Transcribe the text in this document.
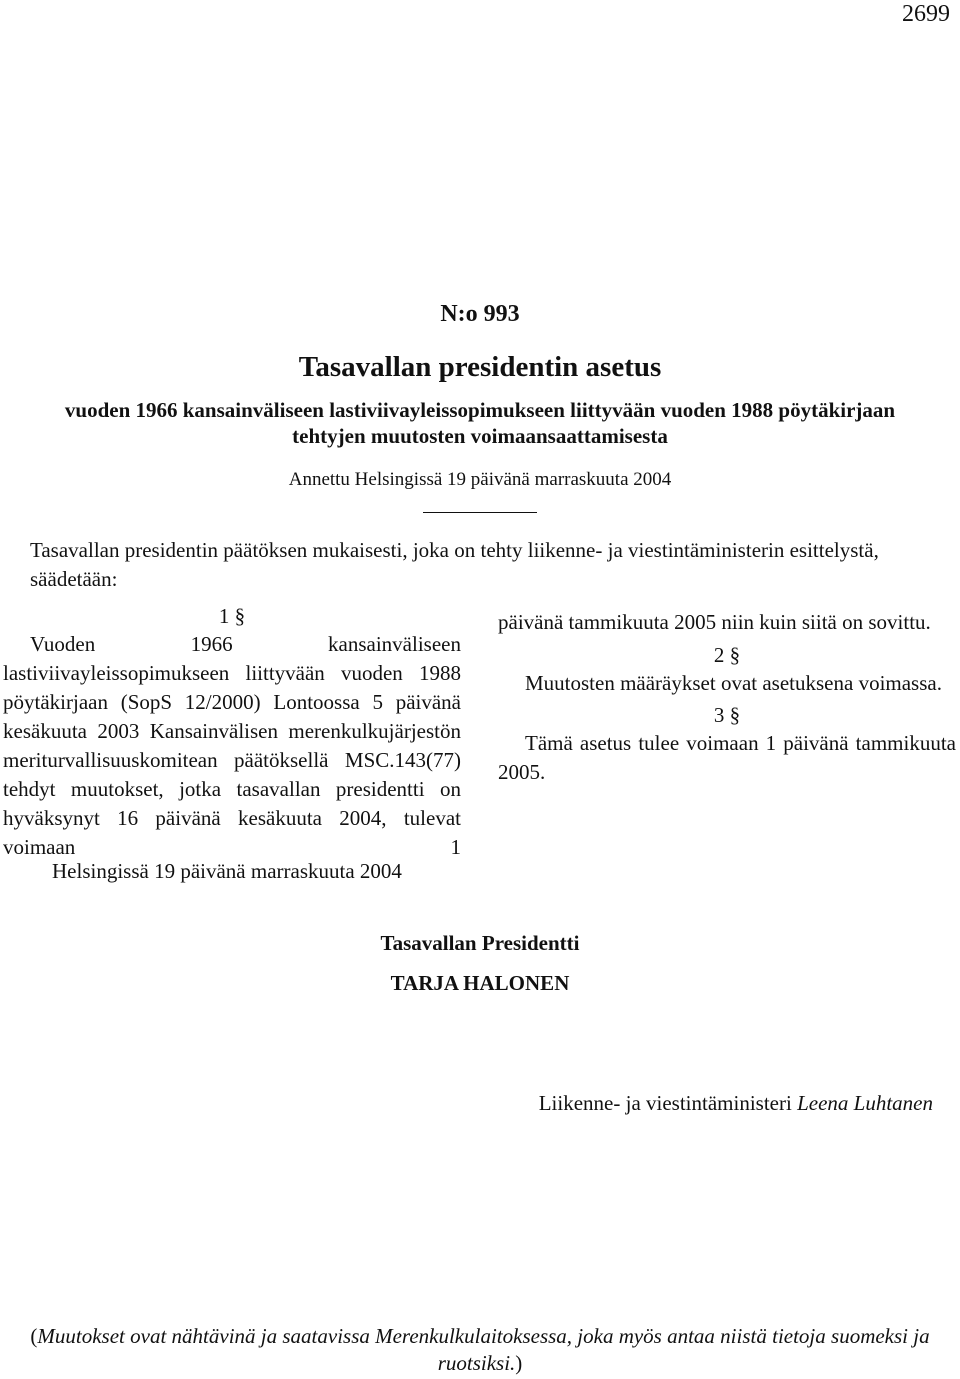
2699
N:o 993
Tasavallan presidentin asetus
vuoden 1966 kansainväliseen lastiviivayleissopimukseen liittyvään vuoden 1988 pöytäkirjaan
tehtyjen muutosten voimaansaattamisesta
Annettu Helsingissä 19 päivänä marraskuuta 2004
Tasavallan presidentin päätöksen mukaisesti, joka on tehty liikenne- ja viestintäministerin esittelystä, säädetään:
1 §
Vuoden 1966 kansainväliseen lastiviivayleissopimukseen liittyvään vuoden 1988 pöytäkirjaan (SopS 12/2000) Lontoossa 5 päivänä kesäkuuta 2003 Kansainvälisen merenkulkujärjestön meriturvallisuuskomitean päätöksellä MSC.143(77) tehdyt muutokset, jotka tasavallan presidentti on hyväksynyt 16 päivänä kesäkuuta 2004, tulevat voimaan 1
päivänä tammikuuta 2005 niin kuin siitä on sovittu.
2 §
Muutosten määräykset ovat asetuksena voimassa.
3 §
Tämä asetus tulee voimaan 1 päivänä tammikuuta 2005.
Helsingissä 19 päivänä marraskuuta 2004
Tasavallan Presidentti
TARJA HALONEN
Liikenne- ja viestintäministeri Leena Luhtanen
(Muutokset ovat nähtävinä ja saatavissa Merenkulkulaitoksessa, joka myös antaa niistä tietoja suomeksi ja ruotsiksi.)
